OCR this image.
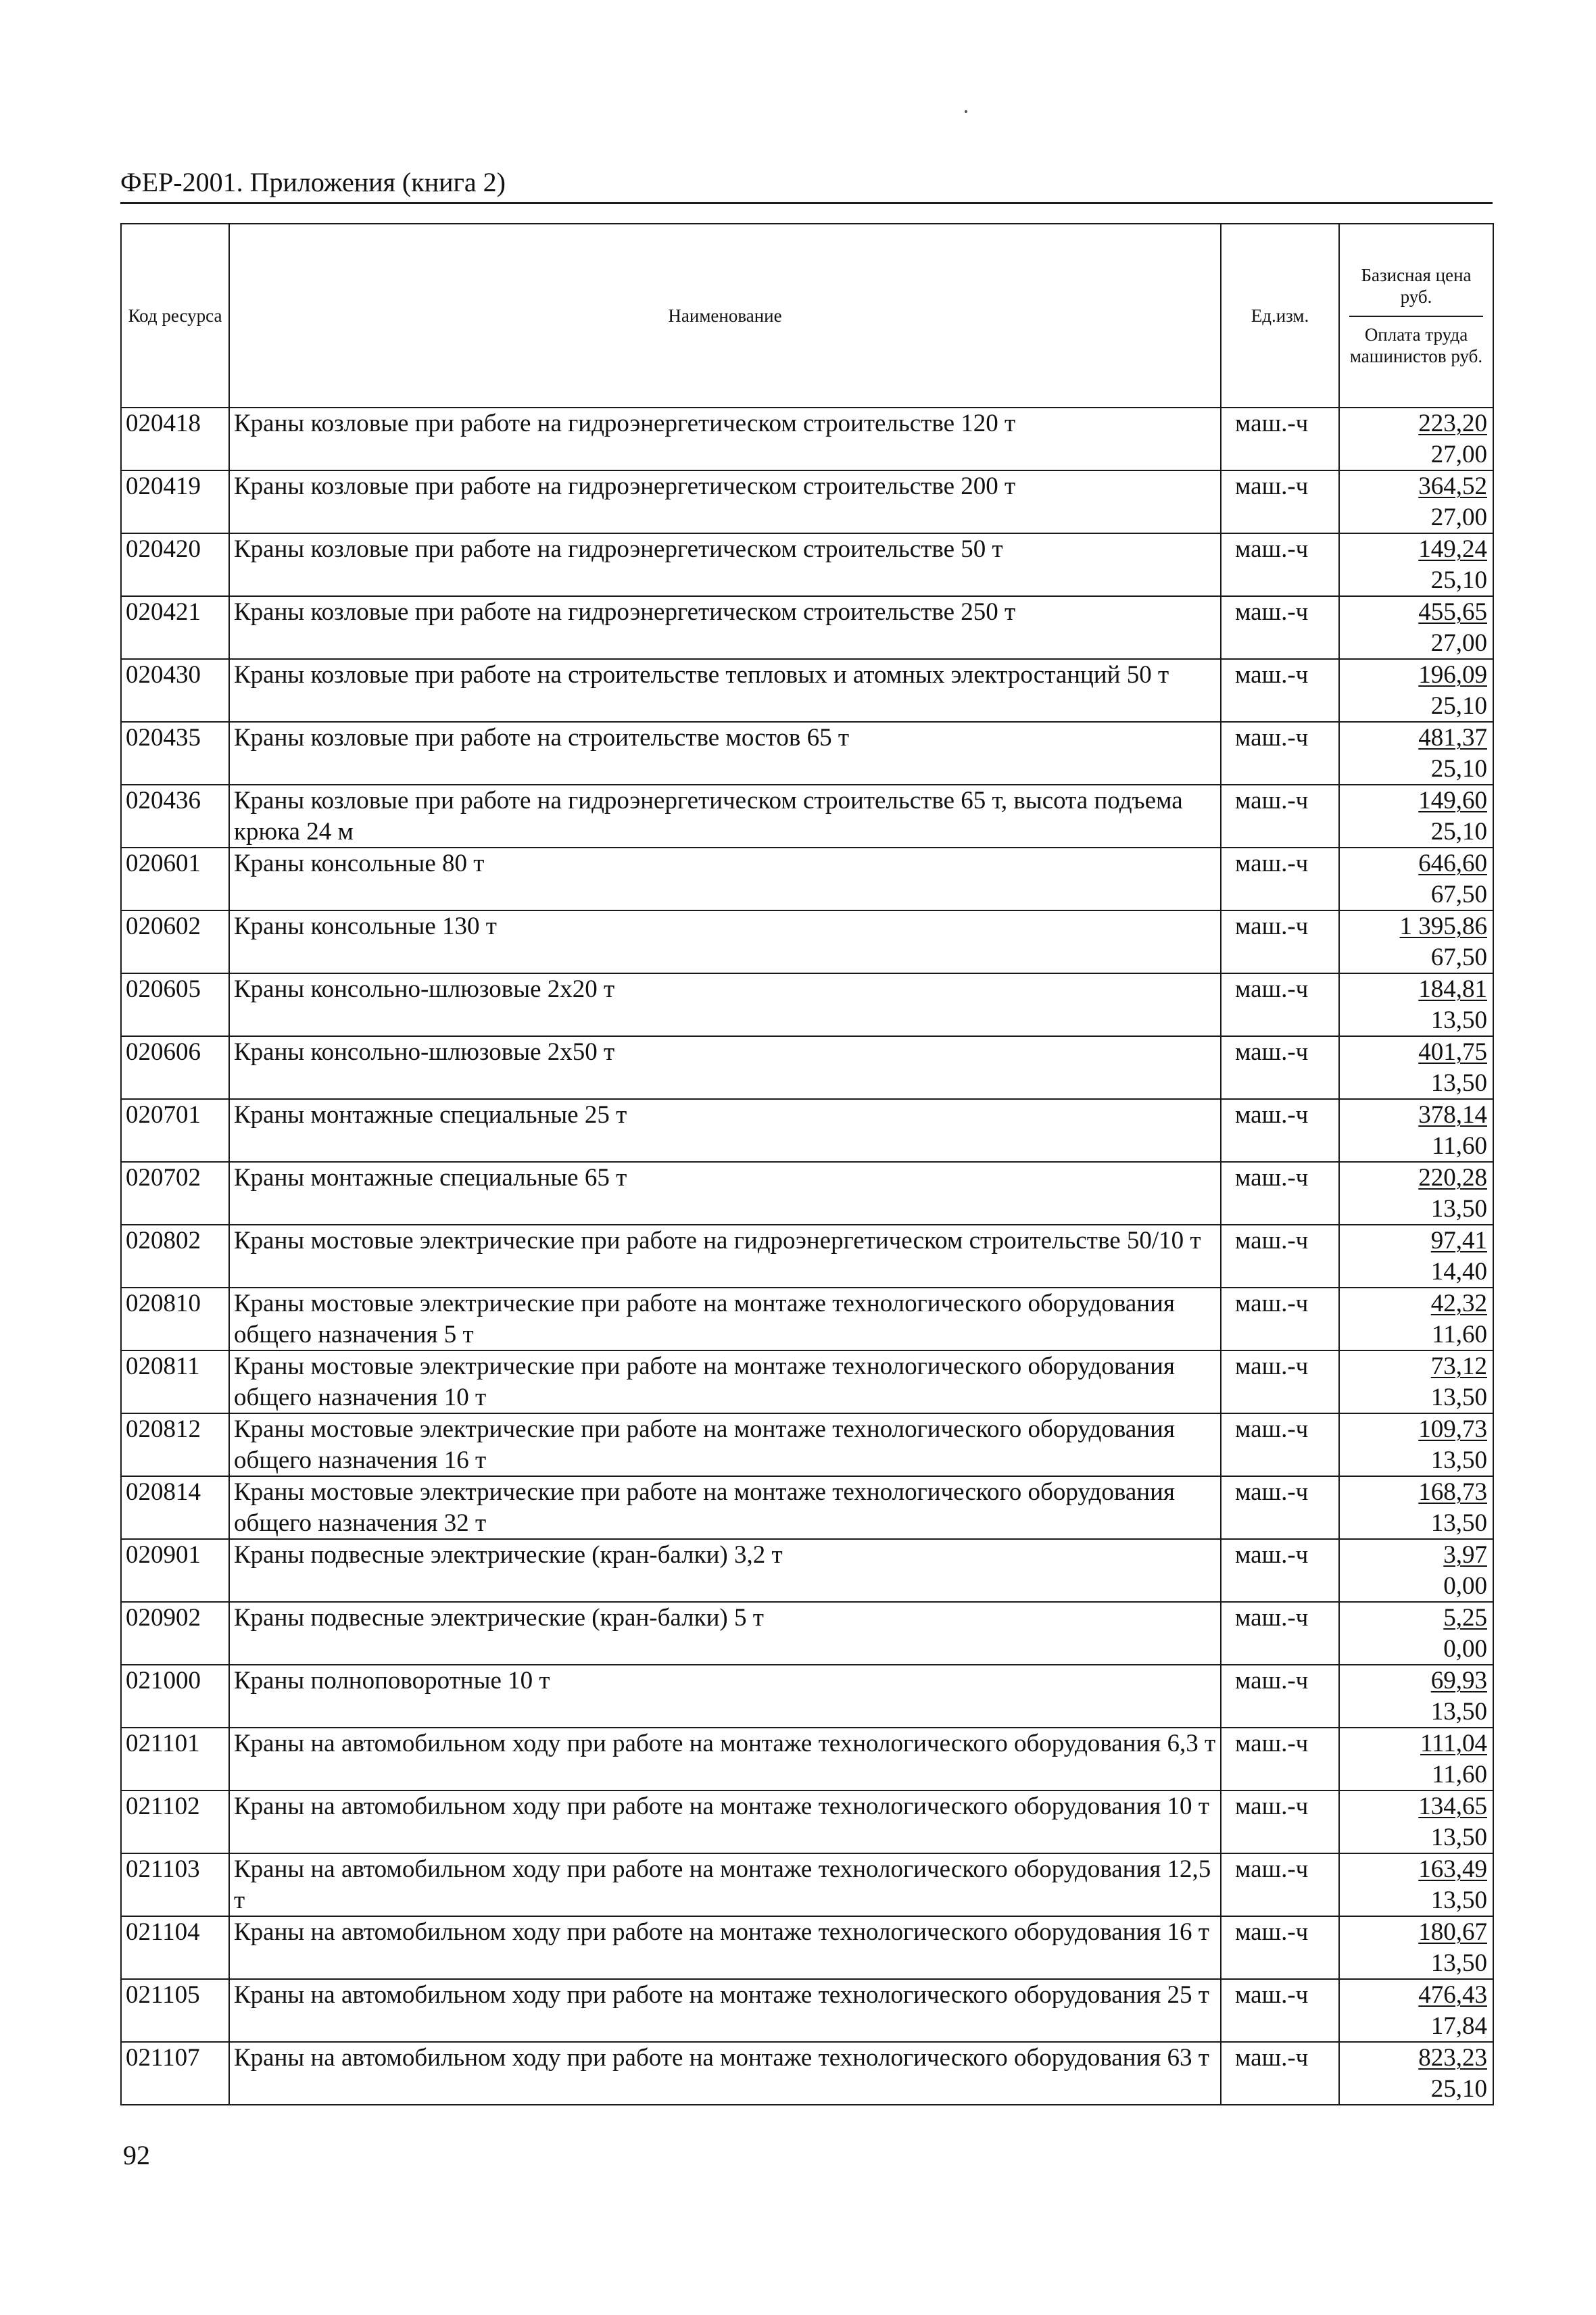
ФЕР-2001. Приложения (книга 2)
Код ресурса	Наименование	Ед.изм.	Базисная цена руб.
Оплата труда машинистов руб.

020418	Краны козловые при работе на гидроэнергетическом строительстве 120 т	маш.-ч	223,20
27,00

020419	Краны козловые при работе на гидроэнергетическом строительстве 200 т	маш.-ч	364,52
27,00

020420	Краны козловые при работе на гидроэнергетическом строительстве 50 т	маш.-ч	149,24
25,10

020421	Краны козловые при работе на гидроэнергетическом строительстве 250 т	маш.-ч	455,65
27,00

020430	Краны козловые при работе на строительстве тепловых и атомных электростанций 50 т	маш.-ч	196,09
25,10

020435	Краны козловые при работе на строительстве мостов 65 т	маш.-ч	481,37
25,10

020436	Краны козловые при работе на гидроэнергетическом строительстве 65 т, высота подъема крюка 24 м	маш.-ч	149,60
25,10

020601	Краны консольные 80 т	маш.-ч	646,60
67,50

020602	Краны консольные 130 т	маш.-ч	1 395,86
67,50

020605	Краны консольно-шлюзовые 2х20 т	маш.-ч	184,81
13,50

020606	Краны консольно-шлюзовые 2х50 т	маш.-ч	401,75
13,50

020701	Краны монтажные специальные 25 т	маш.-ч	378,14
11,60

020702	Краны монтажные специальные 65 т	маш.-ч	220,28
13,50

020802	Краны мостовые электрические при работе на гидроэнергетическом строительстве 50/10 т	маш.-ч	97,41
14,40

020810	Краны мостовые электрические при работе на монтаже технологического оборудования общего назначения 5 т	маш.-ч	42,32
11,60

020811	Краны мостовые электрические при работе на монтаже технологического оборудования общего назначения 10 т	маш.-ч	73,12
13,50

020812	Краны мостовые электрические при работе на монтаже технологического оборудования общего назначения 16 т	маш.-ч	109,73
13,50

020814	Краны мостовые электрические при работе на монтаже технологического оборудования общего назначения 32 т	маш.-ч	168,73
13,50

020901	Краны подвесные электрические (кран-балки) 3,2 т	маш.-ч	3,97
0,00

020902	Краны подвесные электрические (кран-балки) 5 т	маш.-ч	5,25
0,00

021000	Краны полноповоротные 10 т	маш.-ч	69,93
13,50

021101	Краны на автомобильном ходу при работе на монтаже технологического оборудования 6,3 т	маш.-ч	111,04
11,60

021102	Краны на автомобильном ходу при работе на монтаже технологического оборудования 10 т	маш.-ч	134,65
13,50

021103	Краны на автомобильном ходу при работе на монтаже технологического оборудования 12,5 т	маш.-ч	163,49
13,50

021104	Краны на автомобильном ходу при работе на монтаже технологического оборудования 16 т	маш.-ч	180,67
13,50

021105	Краны на автомобильном ходу при работе на монтаже технологического оборудования 25 т	маш.-ч	476,43
17,84

021107	Краны на автомобильном ходу при работе на монтаже технологического оборудования 63 т	маш.-ч	823,23
25,10
92
